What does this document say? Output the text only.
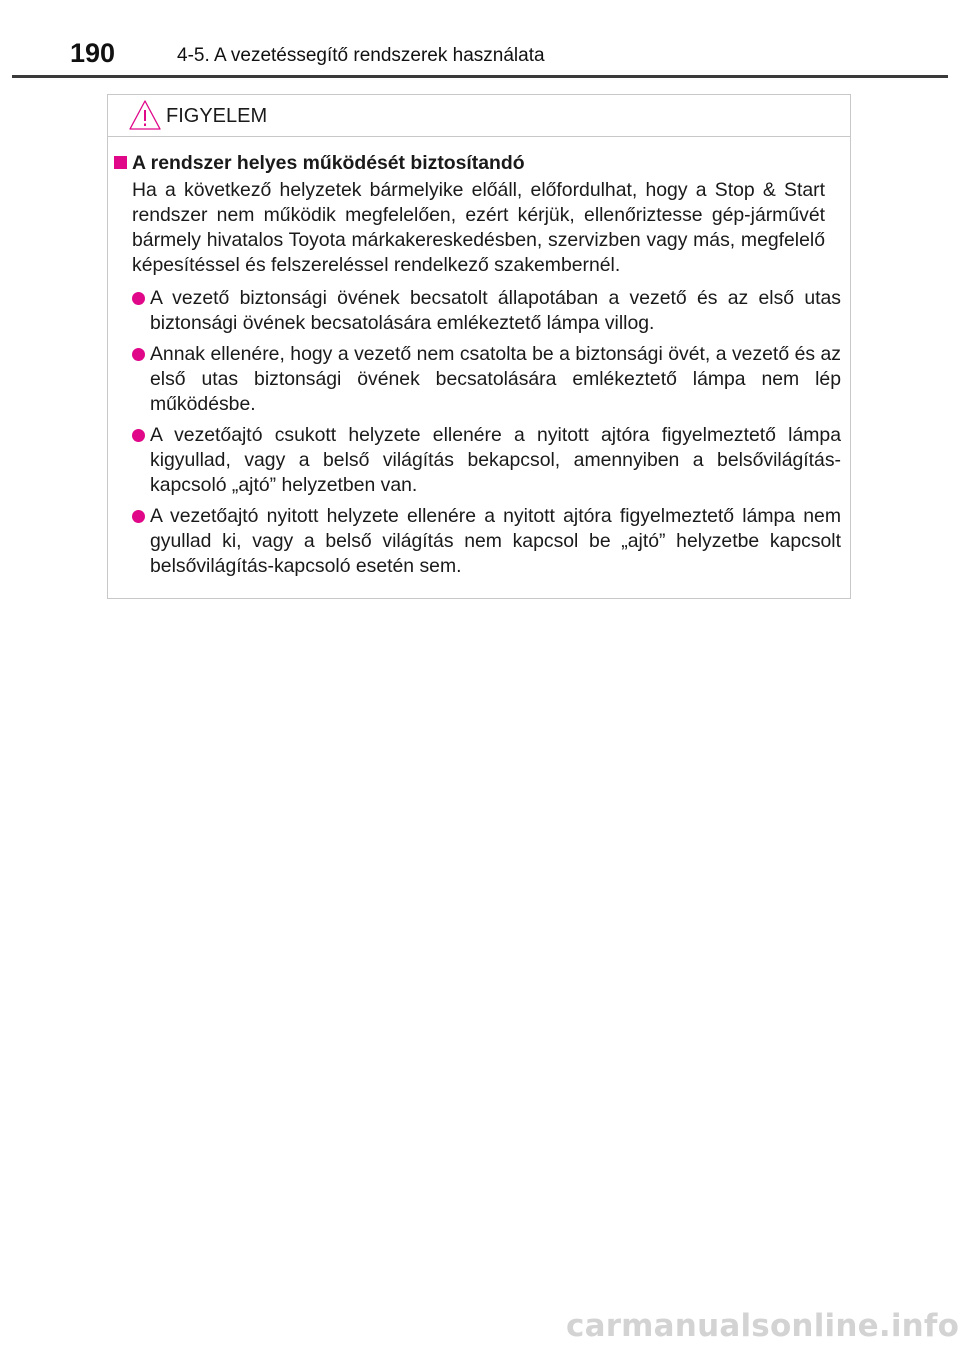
190	4-5. A vezetéssegítő rendszerek használata
FIGYELEM
A rendszer helyes működését biztosítandó
Ha a következő helyzetek bármelyike előáll, előfordulhat, hogy a Stop & Start rendszer nem működik megfelelően, ezért kérjük, ellenőriztesse gép-járművét bármely hivatalos Toyota márkakereskedésben, szervizben vagy más, megfelelő képesítéssel és felszereléssel rendelkező szakembernél.
A vezető biztonsági övének becsatolt állapotában a vezető és az első utas biztonsági övének becsatolására emlékeztető lámpa villog.
Annak ellenére, hogy a vezető nem csatolta be a biztonsági övét, a vezető és az első utas biztonsági övének becsatolására emlékeztető lámpa nem lép működésbe.
A vezetőajtó csukott helyzete ellenére a nyitott ajtóra figyelmeztető lámpa kigyullad, vagy a belső világítás bekapcsol, amennyiben a belsővilágítás-kapcsoló „ajtó” helyzetben van.
A vezetőajtó nyitott helyzete ellenére a nyitott ajtóra figyelmeztető lámpa nem gyullad ki, vagy a belső világítás nem kapcsol be „ajtó” helyzetbe kapcsolt belsővilágítás-kapcsoló esetén sem.
carmanualsonline.info
